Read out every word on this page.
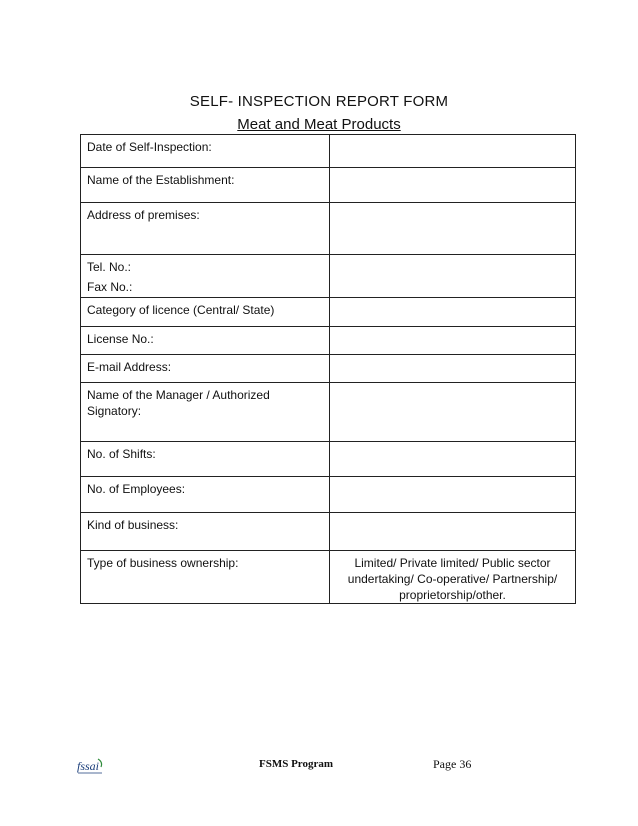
SELF- INSPECTION REPORT FORM
Meat and Meat Products
Date of Self-Inspection:	
Name of the Establishment:	
Address of premises:	

Tel. No.:
Fax No.:	

Category of licence (Central/ State)	
License No.:	
E-mail Address:	
Name of the Manager / Authorized Signatory:	
No. of Shifts:	
No. of Employees:	
Kind of business:	
Type of business ownership:	Limited/ Private limited/ Public sector undertaking/ Co-operative/ Partnership/ proprietorship/other.
fssai	FSMS Program	Page 36
